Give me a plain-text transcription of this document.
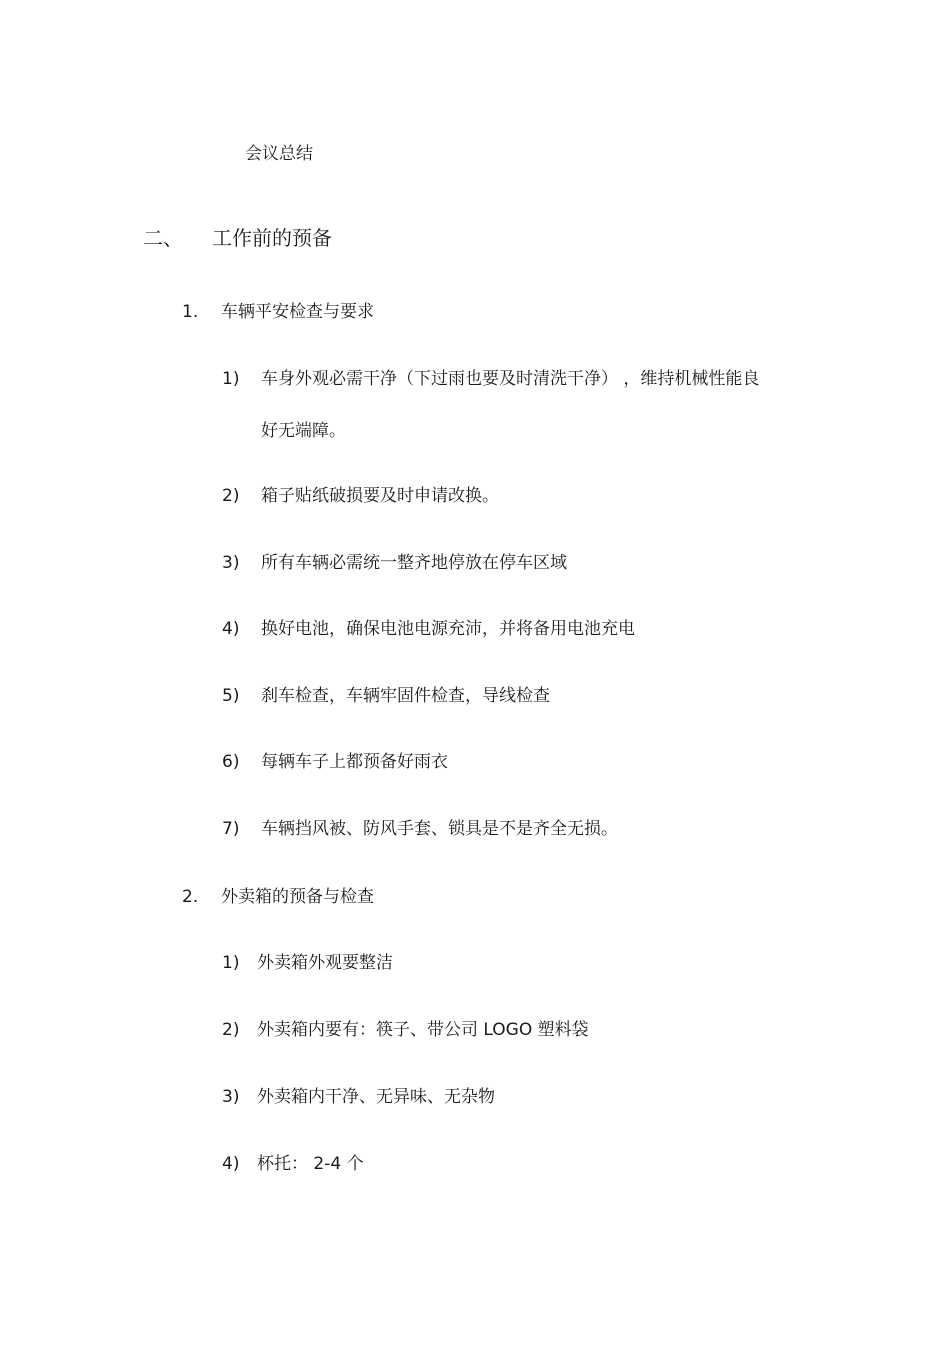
会议总结
二、 工作前的预备
1. 车辆平安检查与要求
1) 车身外观必需干净（下过雨也要及时清洗干净） ，维持机械性能良
好无端障。
2) 箱子贴纸破损要及时申请改换。
3) 所有车辆必需统一整齐地停放在停车区域
4) 换好电池，确保电池电源充沛，并将备用电池充电
5) 刹车检查，车辆牢固件检查，导线检查
6) 每辆车子上都预备好雨衣
7) 车辆挡风被、防风手套、锁具是不是齐全无损。
2. 外卖箱的预备与检查
1) 外卖箱外观要整洁
2) 外卖箱内要有：筷子、带公司 LOGO 塑料袋
3) 外卖箱内干净、无异味、无杂物
4) 杯托： 2-4 个
